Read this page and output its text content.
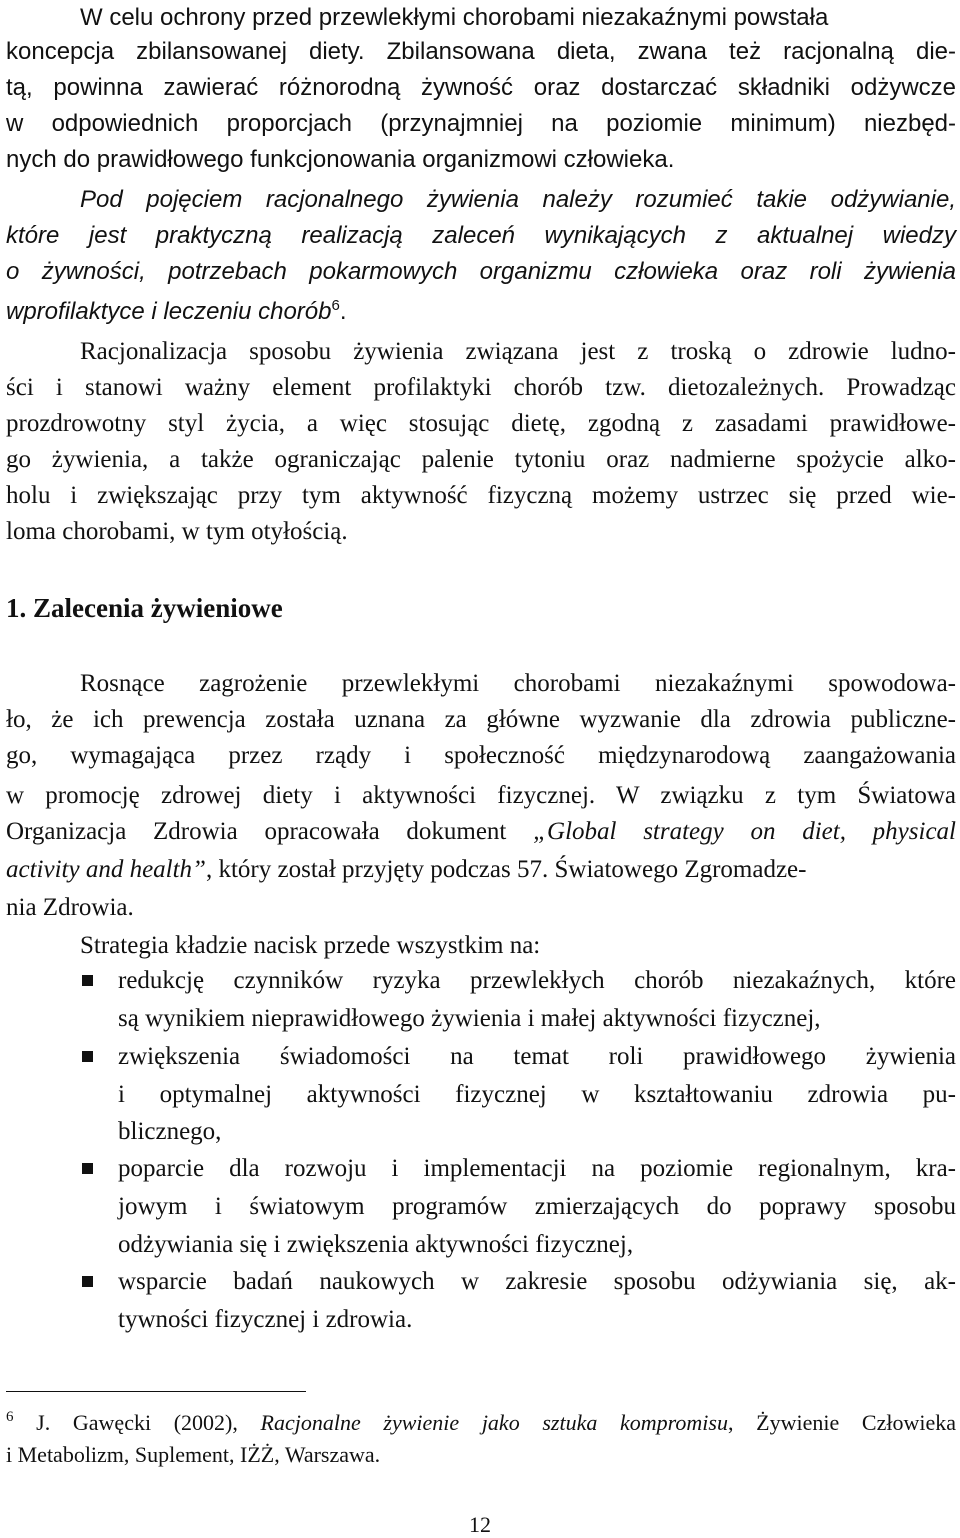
W celu ochrony przed przewlekłymi chorobami niezakaźnymi powstała
koncepcja zbilansowanej diety. Zbilansowana dieta, zwana też racjonalną die-
tą, powinna zawierać różnorodną żywność oraz dostarczać składniki odżywcze
w odpowiednich proporcjach (przynajmniej na poziomie minimum) niezbęd-
nych do prawidłowego funkcjonowania organizmowi człowieka.
Pod pojęciem racjonalnego żywienia należy rozumieć takie odżywianie,
które jest praktyczną realizacją zaleceń wynikających z aktualnej wiedzy
o żywności, potrzebach pokarmowych organizmu człowieka oraz roli żywienia
wprofilaktyce i leczeniu chorób$^6$.
Racjonalizacja sposobu żywienia związana jest z troską o zdrowie ludno-
ści i stanowi ważny element profilaktyki chorób tzw. dietozależnych. Prowadząc
prozdrowotny styl życia, a więc stosując dietę, zgodną z zasadami prawidłowe-
go żywienia, a także ograniczając palenie tytoniu oraz nadmierne spożycie alko-
holu i zwiększając przy tym aktywność fizyczną możemy ustrzec się przed wie-
loma chorobami, w tym otyłością.
1. Zalecenia żywieniowe
Rosnące zagrożenie przewlekłymi chorobami niezakaźnymi spowodowa-
ło, że ich prewencja została uznana za główne wyzwanie dla zdrowia publiczne-
go, wymagająca przez rządy i społeczność międzynarodową zaangażowania
w promocję zdrowej diety i aktywności fizycznej. W związku z tym Światowa
Organizacja Zdrowia opracowała dokument „Global strategy on diet, physical
activity and health”, który został przyjęty podczas 57. Światowego Zgromadze-
nia Zdrowia.
Strategia kładzie nacisk przede wszystkim na:
redukcję czynników ryzyka przewlekłych chorób niezakaźnych, które
są wynikiem nieprawidłowego żywienia i małej aktywności fizycznej,
zwiększenia świadomości na temat roli prawidłowego żywienia
i optymalnej aktywności fizycznej w kształtowaniu zdrowia pu-
blicznego,
poparcie dla rozwoju i implementacji na poziomie regionalnym, kra-
jowym i światowym programów zmierzających do poprawy sposobu
odżywiania się i zwiększenia aktywności fizycznej,
wsparcie badań naukowych w zakresie sposobu odżywiania się, ak-
tywności fizycznej i zdrowia.
$^6$ J. Gawęcki (2002), Racjonalne żywienie jako sztuka kompromisu, Żywienie Człowieka
i Metabolizm, Suplement, IŻŻ, Warszawa.
12
